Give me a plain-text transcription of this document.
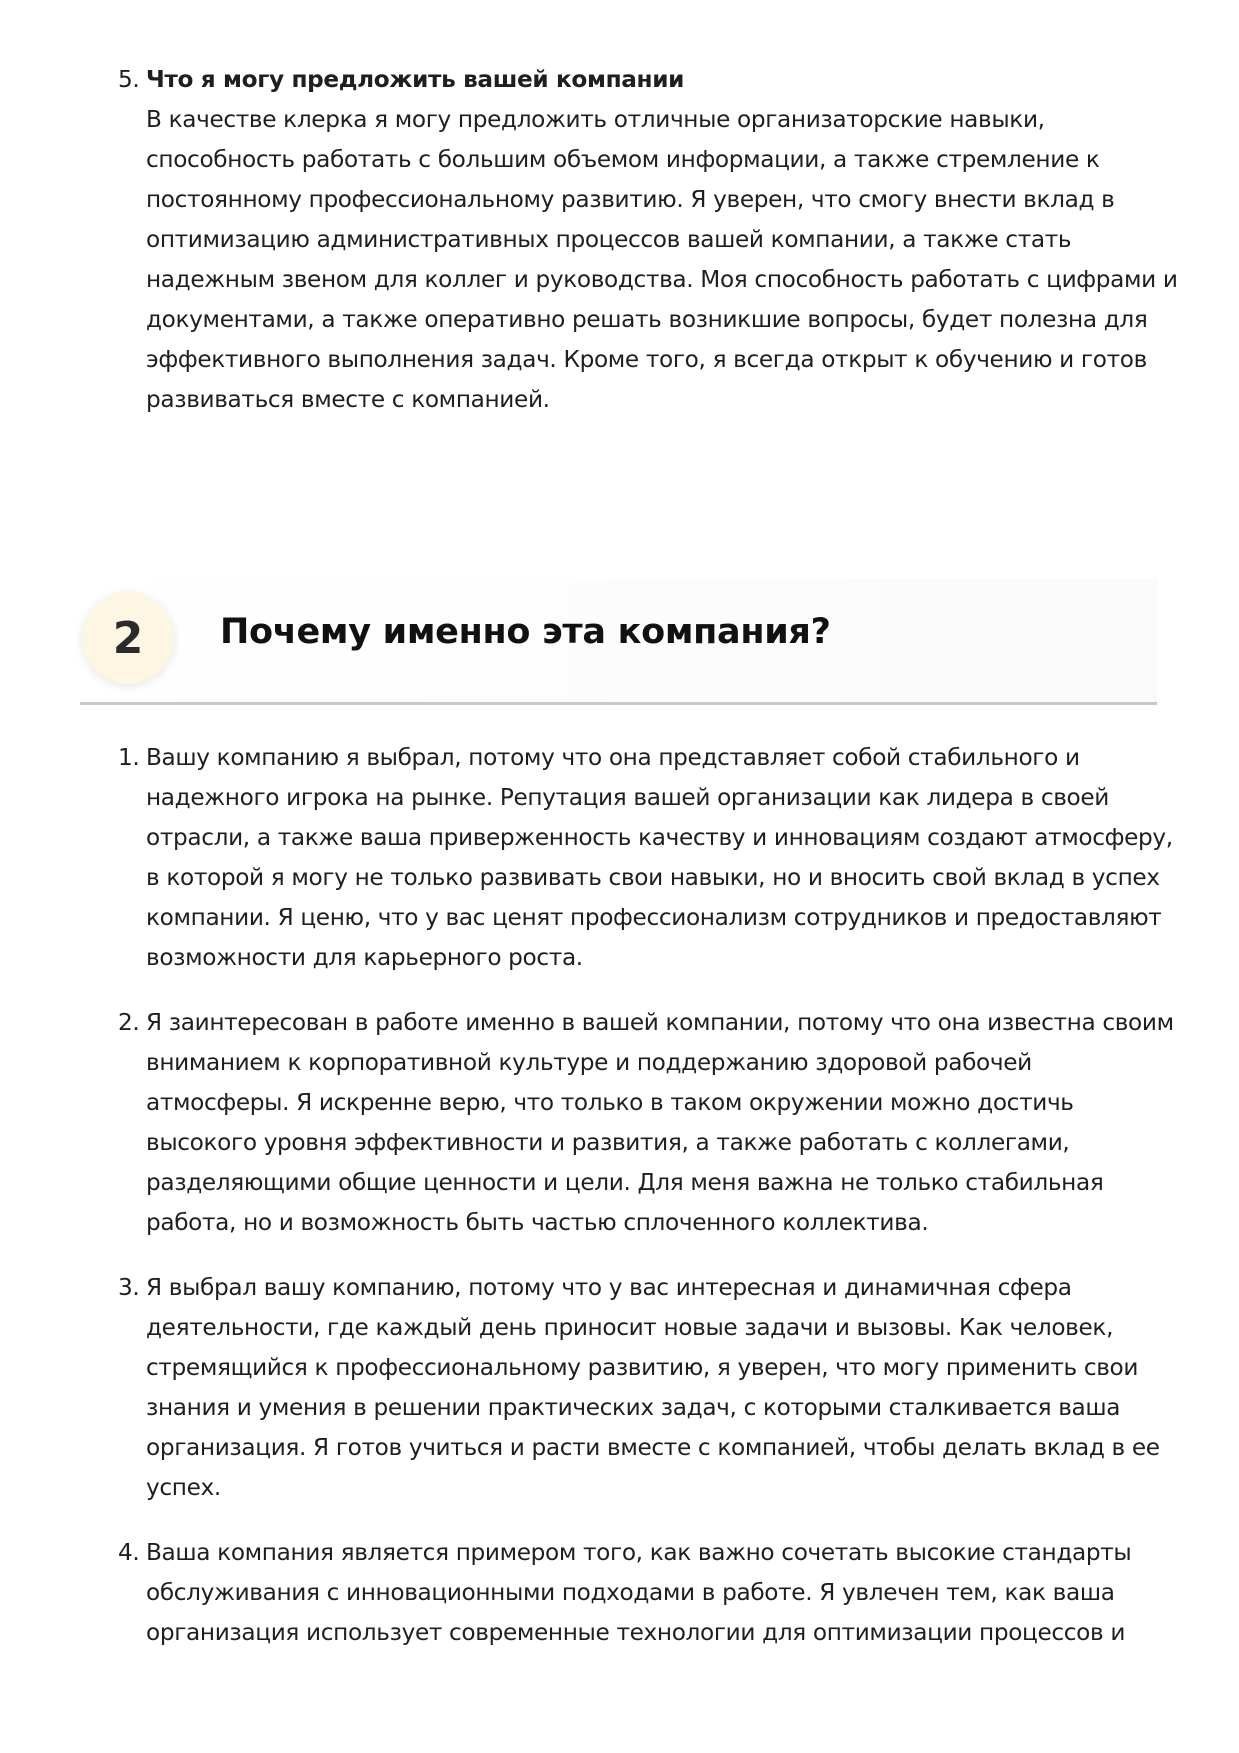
5. Что я могу предложить вашей компании
В качестве клерка я могу предложить отличные организаторские навыки, способность работать с большим объемом информации, а также стремление к постоянному профессиональному развитию. Я уверен, что смогу внести вклад в оптимизацию административных процессов вашей компании, а также стать надежным звеном для коллег и руководства. Моя способность работать с цифрами и документами, а также оперативно решать возникшие вопросы, будет полезна для эффективного выполнения задач. Кроме того, я всегда открыт к обучению и готов развиваться вместе с компанией.
2 Почему именно эта компания?
1. Вашу компанию я выбрал, потому что она представляет собой стабильного и надежного игрока на рынке. Репутация вашей организации как лидера в своей отрасли, а также ваша приверженность качеству и инновациям создают атмосферу, в которой я могу не только развивать свои навыки, но и вносить свой вклад в успех компании. Я ценю, что у вас ценят профессионализм сотрудников и предоставляют возможности для карьерного роста.
2. Я заинтересован в работе именно в вашей компании, потому что она известна своим вниманием к корпоративной культуре и поддержанию здоровой рабочей атмосферы. Я искренне верю, что только в таком окружении можно достичь высокого уровня эффективности и развития, а также работать с коллегами, разделяющими общие ценности и цели. Для меня важна не только стабильная работа, но и возможность быть частью сплоченного коллектива.
3. Я выбрал вашу компанию, потому что у вас интересная и динамичная сфера деятельности, где каждый день приносит новые задачи и вызовы. Как человек, стремящийся к профессиональному развитию, я уверен, что могу применить свои знания и умения в решении практических задач, с которыми сталкивается ваша организация. Я готов учиться и расти вместе с компанией, чтобы делать вклад в ее успех.
4. Ваша компания является примером того, как важно сочетать высокие стандарты обслуживания с инновационными подходами в работе. Я увлечен тем, как ваша организация использует современные технологии для оптимизации процессов и
